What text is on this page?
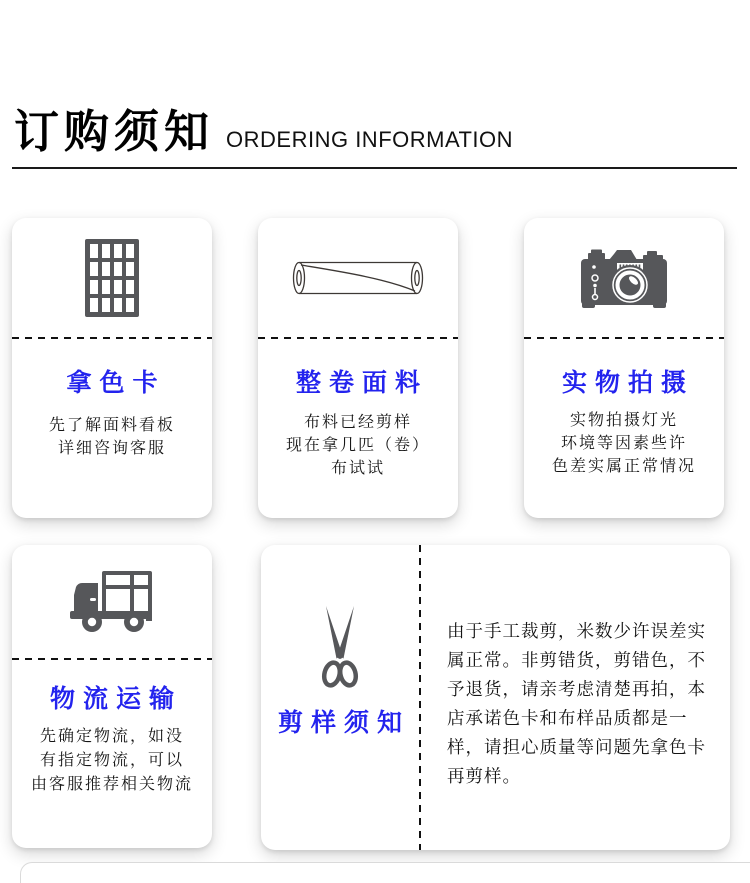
订购须知 ORDERING INFORMATION
拿色卡
先了解面料看板
详细咨询客服
整卷面料
布料已经剪样
现在拿几匹（卷）
布试试
实物拍摄
实物拍摄灯光
环境等因素些许
色差实属正常情况
物流运输
先确定物流，如没
有指定物流，可以
由客服推荐相关物流
剪样须知
由于手工裁剪，米数少许误差实
属正常。非剪错货，剪错色，不
予退货，请亲考虑清楚再拍，本
店承诺色卡和布样品质都是一
样，请担心质量等问题先拿色卡
再剪样。
